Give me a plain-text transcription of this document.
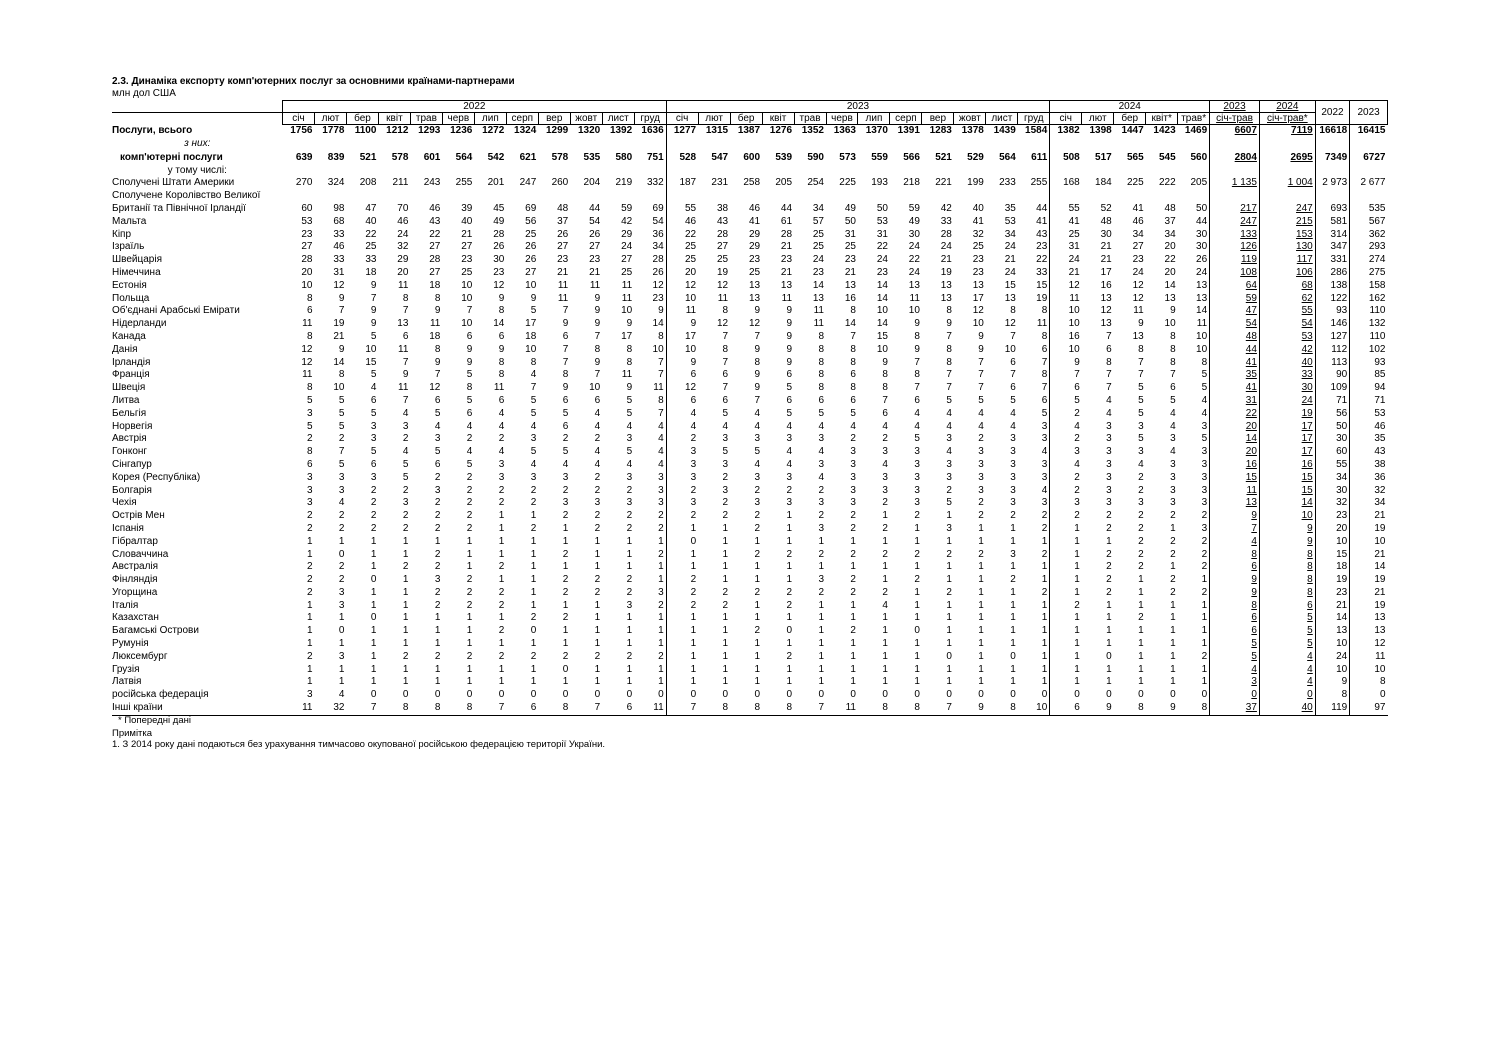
2.3. Динаміка експорту комп'ютерних послуг за основними країнами-партнерами
млн дол США
	2022												2023												2024					2023	2024	2022	2023
	січ	лют	бер	квіт	трав	черв	лип	серп	вер	жовт	лист	груд	січ	лют	бер	квіт	трав	черв	лип	серп	вер	жовт	лист	груд	січ	лют	бер	квіт*	трав*	січ-трав	січ-трав*		
Послуги, всього	1756	1778	1100	1212	1293	1236	1272	1324	1299	1320	1392	1636	1277	1315	1387	1276	1352	1363	1370	1391	1283	1378	1439	1584	1382	1398	1447	1423	1469	6607	7119	16618	16415
з них:																																	
комп'ютерні послуги	639	839	521	578	601	564	542	621	578	535	580	751	528	547	600	539	590	573	559	566	521	529	564	611	508	517	565	545	560	2804	2695	7349	6727
у тому числі:																																	
Сполучені Штати Америки	270	324	208	211	243	255	201	247	260	204	219	332	187	231	258	205	254	225	193	218	221	199	233	255	168	184	225	222	205	1 135	1 004	2 973	2 677
Сполучене Королівство Великої																																	
Британії та Північної Ірландії	60	98	47	70	46	39	45	69	48	44	59	69	55	38	46	44	34	49	50	59	42	40	35	44	55	52	41	48	50	217	247	693	535
Мальта	53	68	40	46	43	40	49	56	37	54	42	54	46	43	41	61	57	50	53	49	33	41	53	41	41	48	46	37	44	247	215	581	567
Кіпр	23	33	22	24	22	21	28	25	26	26	29	36	22	28	29	28	25	31	31	30	28	32	34	43	25	30	34	34	30	133	153	314	362
Ізраїль	27	46	25	32	27	27	26	26	27	27	24	34	25	27	29	21	25	25	22	24	24	25	24	23	31	21	27	20	30	126	130	347	293
Швейцарія	28	33	33	29	28	23	30	26	23	23	27	28	25	25	23	23	24	23	24	22	21	23	21	22	24	21	23	22	26	119	117	331	274
Німеччина	20	31	18	20	27	25	23	27	21	21	25	26	20	19	25	21	23	21	23	24	19	23	24	33	21	17	24	20	24	108	106	286	275
Естонія	10	12	9	11	18	10	12	10	11	11	11	12	12	12	13	13	14	13	14	13	13	13	15	15	12	16	12	14	13	64	68	138	158
Польща	8	9	7	8	8	10	9	9	11	9	11	23	10	11	13	11	13	16	14	11	13	17	13	19	11	13	12	13	13	59	62	122	162
Об'єднані Арабські Емірати	6	7	9	7	9	7	8	5	7	9	10	9	11	8	9	9	11	8	10	10	8	12	8	8	10	12	11	9	14	47	55	93	110
Нідерланди	11	19	9	13	11	10	14	17	9	9	9	14	9	12	12	9	11	14	14	9	9	10	12	11	10	13	9	10	11	54	54	146	132
Канада	8	21	5	6	18	6	6	18	6	7	17	8	17	7	7	9	8	7	15	8	7	9	7	8	16	7	13	8	10	48	53	127	110
Данія	12	9	10	11	8	9	9	10	7	8	8	10	10	8	9	9	8	8	10	9	8	9	10	6	10	6	8	8	10	44	42	112	102
Ірландія	12	14	15	7	9	9	8	8	7	9	8	7	9	7	8	9	8	8	9	7	8	7	6	7	9	8	7	8	8	41	40	113	93
Франція	11	8	5	9	7	5	8	4	8	7	11	7	6	6	9	6	8	6	8	8	7	7	7	8	7	7	7	7	5	35	33	90	85
Швеція	8	10	4	11	12	8	11	7	9	10	9	11	12	7	9	5	8	8	8	7	7	7	6	7	6	7	5	6	5	41	30	109	94
Литва	5	5	6	7	6	5	6	5	6	6	5	8	6	6	7	6	6	6	7	6	5	5	5	6	5	4	5	5	4	31	24	71	71
Бельгія	3	5	5	4	5	6	4	5	5	4	5	7	4	5	4	5	5	5	6	4	4	4	4	5	2	4	5	4	4	22	19	56	53
Норвегія	5	5	3	3	4	4	4	4	6	4	4	4	4	4	4	4	4	4	4	4	4	4	4	3	4	3	3	4	3	20	17	50	46
Австрія	2	2	3	2	3	2	2	3	2	2	3	4	2	3	3	3	3	2	2	5	3	2	3	3	2	3	5	3	5	14	17	30	35
Гонконг	8	7	5	4	5	4	4	5	5	4	5	4	3	5	5	4	4	3	3	3	4	3	3	4	3	3	3	4	3	20	17	60	43
Сінгапур	6	5	6	5	6	5	3	4	4	4	4	4	3	3	4	4	3	3	4	3	3	3	3	3	4	3	4	3	3	16	16	55	38
Корея (Республіка)	3	3	3	5	2	2	3	3	3	2	3	3	3	2	3	3	4	3	3	3	3	3	3	3	2	3	2	3	3	15	15	34	36
Болгарія	3	3	2	2	3	2	2	2	2	2	2	3	2	3	2	2	2	3	3	3	2	3	3	4	2	3	2	3	3	11	15	30	32
Чехія	3	4	2	3	2	2	2	2	3	3	3	3	3	2	3	3	3	3	2	3	5	2	3	3	3	3	3	3	3	13	14	32	34
Острів Мен	2	2	2	2	2	2	1	1	2	2	2	2	2	2	2	1	2	2	1	2	1	2	2	2	2	2	2	2	2	9	10	23	21
Іспанія	2	2	2	2	2	2	1	2	1	2	2	2	1	1	2	1	3	2	2	1	3	1	1	2	1	2	2	1	3	7	9	20	19
Гібралтар	1	1	1	1	1	1	1	1	1	1	1	1	0	1	1	1	1	1	1	1	1	1	1	1	1	1	2	2	2	4	9	10	10
Словаччина	1	0	1	1	2	1	1	1	2	1	1	2	1	1	2	2	2	2	2	2	2	2	3	2	1	2	2	2	2	8	8	15	21
Австралія	2	2	1	2	2	1	2	1	1	1	1	1	1	1	1	1	1	1	1	1	1	1	1	1	1	2	2	1	2	6	8	18	14
Фінляндія	2	2	0	1	3	2	1	1	2	2	2	1	2	1	1	1	3	2	1	2	1	1	2	1	1	2	1	2	1	9	8	19	19
Угорщина	2	3	1	1	2	2	2	1	2	2	2	3	2	2	2	2	2	2	2	1	2	1	1	2	1	2	1	2	2	9	8	23	21
Італія	1	3	1	1	2	2	2	1	1	1	3	2	2	2	1	2	1	1	4	1	1	1	1	1	2	1	1	1	1	8	6	21	19
Казахстан	1	1	0	1	1	1	1	2	2	1	1	1	1	1	1	1	1	1	1	1	1	1	1	1	1	1	2	1	1	6	5	14	13
Багамські Острови	1	0	1	1	1	1	2	0	1	1	1	1	1	1	2	0	1	2	1	0	1	1	1	1	1	1	1	1	1	6	5	13	13
Румунія	1	1	1	1	1	1	1	1	1	1	1	1	1	1	1	1	1	1	1	1	1	1	1	1	1	1	1	1	1	5	5	10	12
Люксембург	2	3	1	2	2	2	2	2	2	2	2	2	1	1	1	2	1	1	1	1	0	1	0	1	1	0	1	1	2	5	4	24	11
Грузія	1	1	1	1	1	1	1	1	0	1	1	1	1	1	1	1	1	1	1	1	1	1	1	1	1	1	1	1	1	4	4	10	10
Латвія	1	1	1	1	1	1	1	1	1	1	1	1	1	1	1	1	1	1	1	1	1	1	1	1	1	1	1	1	1	3	4	9	8
російська федерація	3	4	0	0	0	0	0	0	0	0	0	0	0	0	0	0	0	0	0	0	0	0	0	0	0	0	0	0	0	0	0	8	0
Інші країни	11	32	7	8	8	8	7	6	8	7	6	11	7	8	8	8	7	11	8	8	7	9	8	10	6	9	8	9	8	37	40	119	97
* Попередні дані
Примітка
1. З 2014 року дані подаються без урахування тимчасово окупованої російською федерацією території України.
